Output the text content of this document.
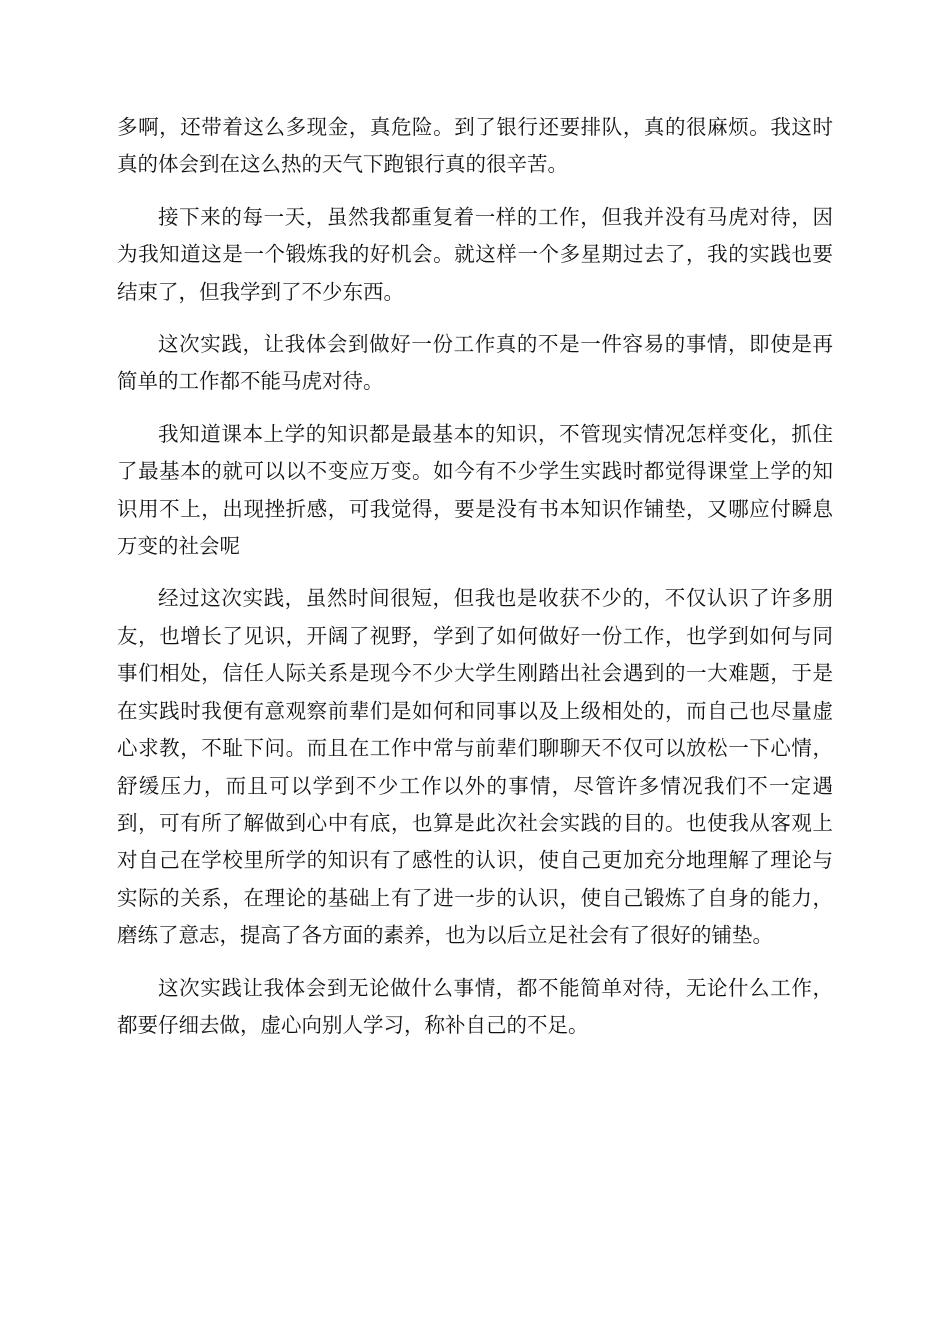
多啊，还带着这么多现金，真危险。到了银行还要排队，真的很麻烦。我这时真的体会到在这么热的天气下跑银行真的很辛苦。

接下来的每一天，虽然我都重复着一样的工作，但我并没有马虎对待，因为我知道这是一个锻炼我的好机会。就这样一个多星期过去了，我的实践也要结束了，但我学到了不少东西。

这次实践，让我体会到做好一份工作真的不是一件容易的事情，即使是再简单的工作都不能马虎对待。

我知道课本上学的知识都是最基本的知识，不管现实情况怎样变化，抓住了最基本的就可以以不变应万变。如今有不少学生实践时都觉得课堂上学的知识用不上，出现挫折感，可我觉得，要是没有书本知识作铺垫，又哪应付瞬息万变的社会呢

经过这次实践，虽然时间很短，但我也是收获不少的，不仅认识了许多朋友，也增长了见识，开阔了视野，学到了如何做好一份工作，也学到如何与同事们相处，信任人际关系是现今不少大学生刚踏出社会遇到的一大难题，于是在实践时我便有意观察前辈们是如何和同事以及上级相处的，而自己也尽量虚心求教，不耻下问。而且在工作中常与前辈们聊聊天不仅可以放松一下心情，舒缓压力，而且可以学到不少工作以外的事情，尽管许多情况我们不一定遇到，可有所了解做到心中有底，也算是此次社会实践的目的。也使我从客观上对自己在学校里所学的知识有了感性的认识，使自己更加充分地理解了理论与实际的关系，在理论的基础上有了进一步的认识，使自己锻炼了自身的能力，磨练了意志，提高了各方面的素养，也为以后立足社会有了很好的铺垫。

这次实践让我体会到无论做什么事情，都不能简单对待，无论什么工作，都要仔细去做，虚心向别人学习，称补自己的不足。
